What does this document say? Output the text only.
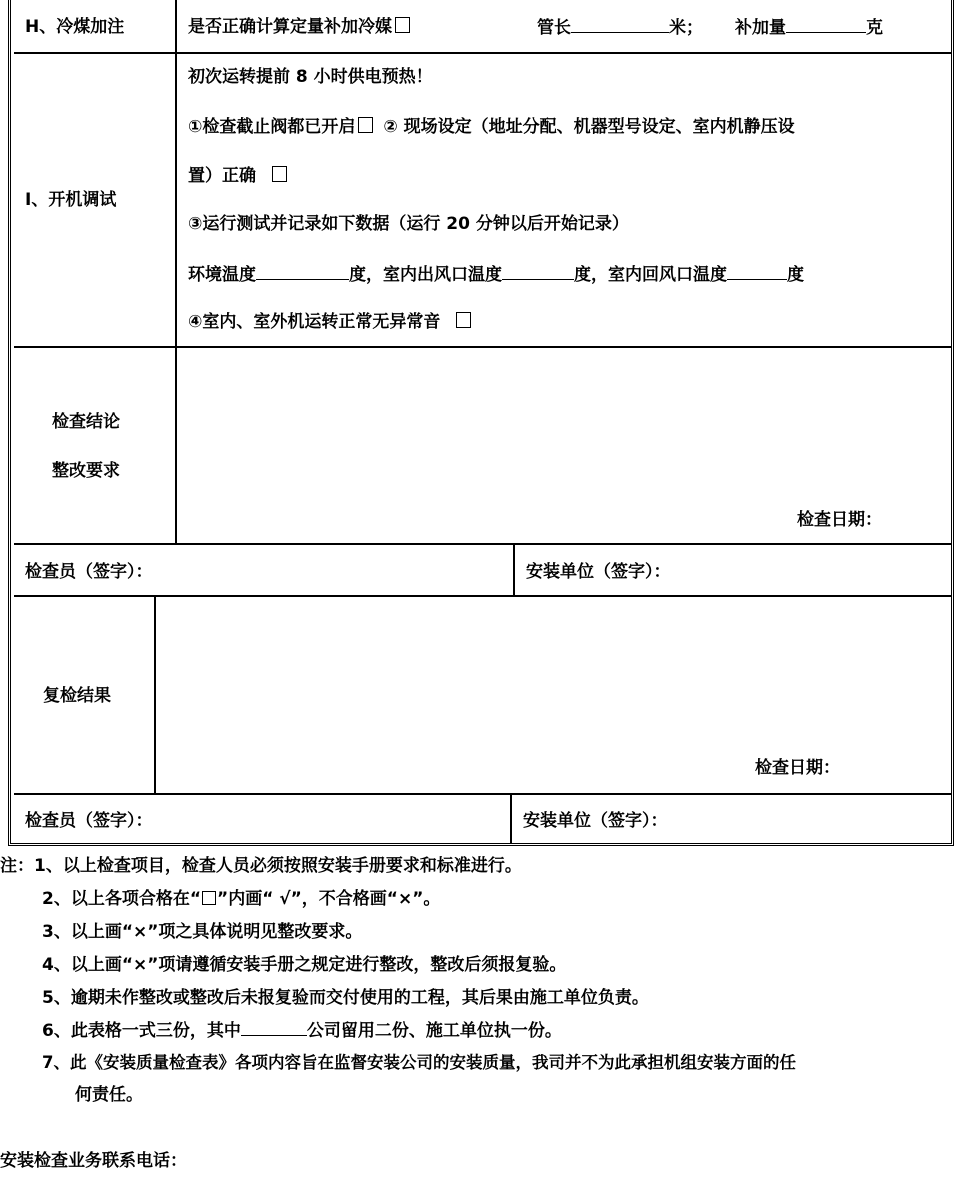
H、冷煤加注	是否正确计算定量补加冷媒	管长	米； 补加量	克
I、开机调试
初次运转提前 8 小时供电预热！
①检查截止阀都已开启 ② 现场设定（地址分配、机器型号设定、室内机静压设
置）正确
③运行测试并记录如下数据（运行 20 分钟以后开始记录）
环境温度	度，室内出风口温度	度，室内回风口温度	度
④室内、室外机运转正常无异常音
检查结论
整改要求
检查日期：
检查员（签字）：	安装单位（签字）：
复检结果
检查日期：
检查员（签字）：	安装单位（签字）：
注：1、以上检查项目，检查人员必须按照安装手册要求和标准进行。
2、以上各项合格在“ ”内画“ √”，不合格画“×”。
3、以上画“×”项之具体说明见整改要求。
4、以上画“×”项请遵循安装手册之规定进行整改，整改后须报复验。
5、逾期未作整改或整改后未报复验而交付使用的工程，其后果由施工单位负责。
6、此表格一式三份，其中	公司留用二份、施工单位执一份。
7、此《安装质量检查表》各项内容旨在监督安装公司的安装质量，我司并不为此承担机组安装方面的任
何责任。
安装检查业务联系电话：
